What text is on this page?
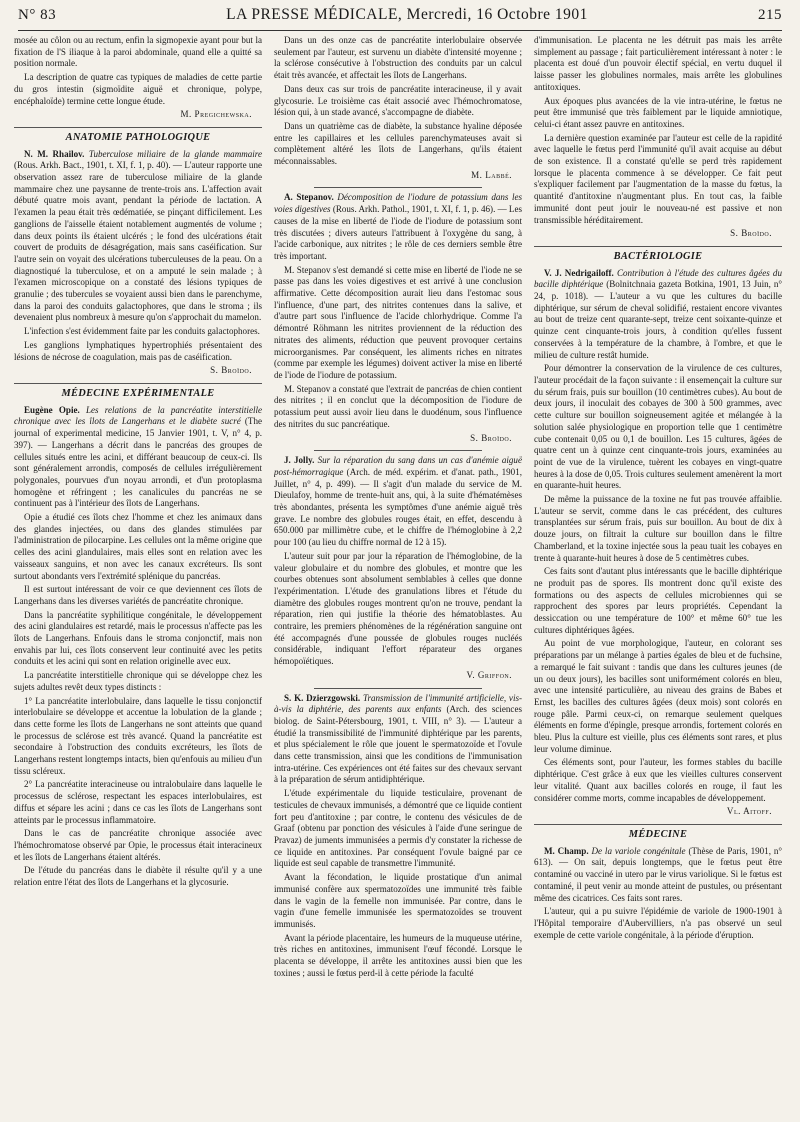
N° 83	LA PRESSE MÉDICALE, Mercredi, 16 Octobre 1901	215

mosée au côlon ou au rectum, enfin la sigmopexie ayant pour but la fixation de l'S iliaque à la paroi abdominale, quand elle a quitté sa position normale.

La description de quatre cas typiques de maladies de cette partie du gros intestin (sigmoïdite aiguë et chronique, polype, encéphaloïde) termine cette longue étude.

M. Pregichewska.
ANATOMIE PATHOLOGIQUE

N. M. Rhailov. Tuberculose miliaire de la glande mammaire (Rous. Arkh. Bact., 1901, t. XI, f. 1, p. 40). — L'auteur rapporte une observation assez rare de tuberculose miliaire de la glande mammaire chez une paysanne de trente-trois ans. L'affection avait débuté quatre mois avant, pendant la période de lactation. A l'examen la peau était très œdématiée, se pinçant difficilement. Les ganglions de l'aisselle étaient notablement augmentés de volume ; dans deux points ils étaient ulcérés ; le fond des ulcérations était couvert de produits de désagrégation, mais sans caséification. Sur l'autre sein on voyait des ulcérations tuberculeuses de la peau. On a diagnostiqué la tuberculose, et on a amputé le sein malade ; à l'examen microscopique on a constaté des lésions typiques de granulie ; des tubercules se voyaient aussi bien dans le parenchyme, dans la paroi des conduits galactophores, que dans le stroma ; ils devenaient plus nombreux à mesure qu'on s'approchait du mamelon.

L'infection s'est évidemment faite par les conduits galactophores.

Les ganglions lymphatiques hypertrophiés présentaient des lésions de nécrose de coagulation, mais pas de caséification.

S. Broïdo.
MÉDECINE EXPÉRIMENTALE

Eugène Opie. Les relations de la pancréatite interstitielle chronique avec les îlots de Langerhans et le diabète sucré (The journal of experimental medicine, 15 Janvier 1901, t. V, n° 4, p. 397). — Langerhans a décrit dans le pancréas des groupes de cellules situés entre les acini, et différant beaucoup de ceux-ci. Ils sont généralement arrondis, composés de cellules irrégulièrement polygonales, pourvues d'un noyau arrondi, et d'un protoplasma homogène et réfringent ; les canalicules du pancréas ne se continuent pas à l'intérieur des îlots de Langerhans.

Opie a étudié ces îlots chez l'homme et chez les animaux dans des glandes injectées, ou dans des glandes stimulées par l'administration de pilocarpine. Les cellules ont la même origine que celles des acini glandulaires, mais elles sont en relation avec les vaisseaux sanguins, et non avec les canaux excréteurs. Ils sont surtout abondants vers l'extrémité splénique du pancréas.

Il est surtout intéressant de voir ce que deviennent ces îlots de Langerhans dans les diverses variétés de pancréatite chronique.

Dans la pancréatite syphilitique congénitale, le développement des acini glandulaires est retardé, mais le processus n'affecte pas les îlots de Langerhans. Enfouis dans le stroma conjonctif, mais non envahis par lui, ces îlots conservent leur continuité avec les petits conduits et les acini qui sont en relation originelle avec eux.

La pancréatite interstitielle chronique qui se développe chez les sujets adultes revêt deux types distincts :

1° La pancréatite interlobulaire, dans laquelle le tissu conjonctif interlobulaire se développe et accentue la lobulation de la glande ; dans cette forme les îlots de Langerhans ne sont atteints que quand le processus de sclérose est très avancé. Quand la pancréatite est secondaire à l'obstruction des conduits excréteurs, les îlots de Langerhans restent longtemps intacts, bien qu'enfouis au milieu d'un tissu scléreux.

2° La pancréatite interacineuse ou intralobulaire dans laquelle le processus de sclérose, respectant les espaces interlobulaires, est diffus et sépare les acini ; dans ce cas les îlots de Langerhans sont atteints par le processus inflammatoire.

Dans le cas de pancréatite chronique associée avec l'hémochromatose observé par Opie, le processus était interacineux et les îlots de Langerhans étaient altérés.

De l'étude du pancréas dans le diabète il résulte qu'il y a une relation entre l'état des îlots de Langerhans et la glycosurie.

Dans un des onze cas de pancréatite interlobulaire observée seulement par l'auteur, est survenu un diabète d'intensité moyenne ; la sclérose consécutive à l'obstruction des conduits par un calcul était très avancée, et affectait les îlots de Langerhans.

Dans deux cas sur trois de pancréatite interacineuse, il y avait glycosurie. Le troisième cas était associé avec l'hémochromatose, lésion qui, à un stade avancé, s'accompagne de diabète.

Dans un quatrième cas de diabète, la substance hyaline déposée entre les capillaires et les cellules parenchymateuses avait si complètement altéré les îlots de Langerhans, qu'ils étaient méconnaissables.

M. Labbé.

A. Stepanov. Décomposition de l'iodure de potassium dans les voies digestives (Rous. Arkh. Pathol., 1901, t. XI, f. 1, p. 46). — Les causes de la mise en liberté de l'iode de l'iodure de potassium sont très discutées ; divers auteurs l'attribuent à l'oxygène du sang, à l'acide carbonique, aux nitrites ; le rôle de ces derniers semble être très important.

M. Stepanov s'est demandé si cette mise en liberté de l'iode ne se passe pas dans les voies digestives et est arrivé à une conclusion affirmative. Cette décomposition aurait lieu dans l'estomac sous l'influence, d'une part, des nitrites contenues dans la salive, et d'autre part sous l'influence de l'acide chlorhydrique. Comme l'a démontré Röhmann les nitrites proviennent de la réduction des nitrates des aliments, réduction que peuvent provoquer certains microorganismes. Par conséquent, les aliments riches en nitrates (comme par exemple les légumes) doivent activer la mise en liberté de l'iode de l'iodure de potassium.

M. Stepanov a constaté que l'extrait de pancréas de chien contient des nitrites ; il en conclut que la décomposition de l'iodure de potassium peut aussi avoir lieu dans le duodénum, sous l'influence des nitrites du suc pancréatique.

S. Broïdo.

J. Jolly. Sur la réparation du sang dans un cas d'anémie aiguë post-hémorragique (Arch. de méd. expérim. et d'anat. path., 1901, Juillet, n° 4, p. 499). — Il s'agit d'un malade du service de M. Dieulafoy, homme de trente-huit ans, qui, à la suite d'hématémèses très abondantes, présenta les symptômes d'une anémie aiguë très grave. Le nombre des globules rouges était, en effet, descendu à 650.000 par millimètre cube, et le chiffre de l'hémoglobine à 2,2 pour 100 (au lieu du chiffre normal de 12 à 15).

L'auteur suit pour par jour la réparation de l'hémoglobine, de la valeur globulaire et du nombre des globules, et montre que les courbes obtenues sont absolument semblables à celles que donne l'expérimentation. L'étude des granulations libres et l'étude du diamètre des globules rouges montrent qu'on ne trouve, pendant la réparation, rien qui justifie la théorie des hématoblastes. Au contraire, les premiers phénomènes de la régénération sanguine ont été accompagnés d'une poussée de globules rouges nucléés considérable, indiquant l'effort réparateur des organes hémopoïétiques.

V. Griffon.

S. K. Dzierzgowski. Transmission de l'immunité artificielle, vis-à-vis la diphtérie, des parents aux enfants (Arch. des sciences biolog. de Saint-Pétersbourg, 1901, t. VIII, n° 3). — L'auteur a étudié la transmissibilité de l'immunité diphtérique par les parents, et plus spécialement le rôle que jouent le spermatozoïde et l'ovule dans cette transmission, ainsi que les conditions de l'immunisation intra-utérine. Ces expériences ont été faites sur des chevaux servant à la préparation de sérum antidiphtérique.

L'étude expérimentale du liquide testiculaire, provenant de testicules de chevaux immunisés, a démontré que ce liquide contient fort peu d'antitoxine ; par contre, le contenu des vésicules de de Graaf (obtenu par ponction des vésicules à l'aide d'une seringue de Pravaz) de juments immunisées a permis d'y constater la richesse de ce liquide en antitoxines. Par conséquent l'ovule baigné par ce liquide est seul capable de transmettre l'immunité.

Avant la fécondation, le liquide prostatique d'un animal immunisé confère aux spermatozoïdes une immunité très faible dans le vagin de la femelle non immunisée. Par contre, dans le vagin d'une femelle immunisée les spermatozoïdes se trouvent immunisés.

Avant la période placentaire, les humeurs de la muqueuse utérine, très riches en antitoxines, immunisent l'œuf fécondé. Lorsque le placenta se développe, il arrête les antitoxines aussi bien que les toxines ; aussi le fœtus perd-il à cette période la faculté

d'immunisation. Le placenta ne les détruit pas mais les arrête simplement au passage ; fait particulièrement intéressant à noter : le placenta est doué d'un pouvoir électif spécial, en vertu duquel il laisse passer les globulines normales, mais arrête les globulines antitoxiques.

Aux époques plus avancées de la vie intra-utérine, le fœtus ne peut être immunisé que très faiblement par le liquide amniotique, celui-ci étant assez pauvre en antitoxines.

La dernière question examinée par l'auteur est celle de la rapidité avec laquelle le fœtus perd l'immunité qu'il avait acquise au début de son existence. Il a constaté qu'elle se perd très rapidement lorsque le placenta commence à se développer. Ce fait peut s'expliquer facilement par l'augmentation de la masse du fœtus, la quantité d'antitoxine n'augmentant plus. En tout cas, la faible immunité dont peut jouir le nouveau-né est passive et non transmissible héréditairement.

S. Broïdo.
BACTÉRIOLOGIE

V. J. Nedrigailoff. Contribution à l'étude des cultures âgées du bacille diphtérique (Bolnitchnaia gazeta Botkina, 1901, 13 Juin, n° 24, p. 1018). — L'auteur a vu que les cultures du bacille diphtérique, sur sérum de cheval solidifié, restaient encore vivantes au bout de treize cent quarante-sept, treize cent soixante-quinze et quinze cent cinquante-trois jours, à condition qu'elles fussent conservées à la température de la chambre, à l'ombre, et que le milieu de culture restât humide.

Pour démontrer la conservation de la virulence de ces cultures, l'auteur procédait de la façon suivante : il ensemençait la culture sur du sérum frais, puis sur bouillon (10 centimètres cubes). Au bout de deux jours, il inoculait des cobayes de 300 à 500 grammes, avec cette culture sur bouillon soigneusement agitée et mélangée à la solution salée physiologique en proportion telle que 1 centimètre cube contenait 0,05 ou 0,1 de bouillon. Les 15 cultures, âgées de quatre cent un à quinze cent cinquante-trois jours, examinées au point de vue de la virulence, tuèrent les cobayes en vingt-quatre heures à la dose de 0,05. Trois cultures seulement amenèrent la mort en quarante-huit heures.

De même la puissance de la toxine ne fut pas trouvée affaiblie. L'auteur se servit, comme dans le cas précédent, des cultures transplantées sur sérum frais, puis sur bouillon. Au bout de dix à douze jours, on filtrait la culture sur bouillon dans le filtre Chamberland, et la toxine injectée sous la peau tuait les cobayes en trente à quarante-huit heures à dose de 5 centimètres cubes.

Ces faits sont d'autant plus intéressants que le bacille diphtérique ne produit pas de spores. Ils montrent donc qu'il existe des formations ou des aspects de cellules microbiennes qui se rapprochent des spores par leurs propriétés. Cependant la dessiccation ou une température de 100° et même 60° tue les cultures diphtériques âgées.

Au point de vue morphologique, l'auteur, en colorant ses préparations par un mélange à parties égales de bleu et de fuchsine, a remarqué le fait suivant : tandis que dans les cultures jeunes (de un ou deux jours), les bacilles sont uniformément colorés en bleu, avec une intensité particulière, au niveau des grains de Babes et Ernst, les bacilles des cultures âgées (deux mois) sont colorés en rouge pâle. Parmi ceux-ci, on remarque seulement quelques éléments en forme d'épingle, presque arrondis, fortement colorés en bleu. Plus la culture est vieille, plus ces éléments sont rares, et plus leur volume diminue.

Ces éléments sont, pour l'auteur, les formes stables du bacille diphtérique. C'est grâce à eux que les vieilles cultures conservent leur vitalité. Quant aux bacilles colorés en rouge, il faut les considérer comme morts, comme incapables de développement.

Vl. Aitoff.
MÉDECINE

M. Champ. De la variole congénitale (Thèse de Paris, 1901, n° 613). — On sait, depuis longtemps, que le fœtus peut être contaminé ou vacciné in utero par le virus variolique. Si le fœtus est contaminé, il peut venir au monde atteint de pustules, ou présentant même des cicatrices. Ces faits sont rares.

L'auteur, qui a pu suivre l'épidémie de variole de 1900-1901 à l'Hôpital temporaire d'Aubervilliers, n'a pas observé un seul exemple de cette variole congénitale, à la période d'éruption.
